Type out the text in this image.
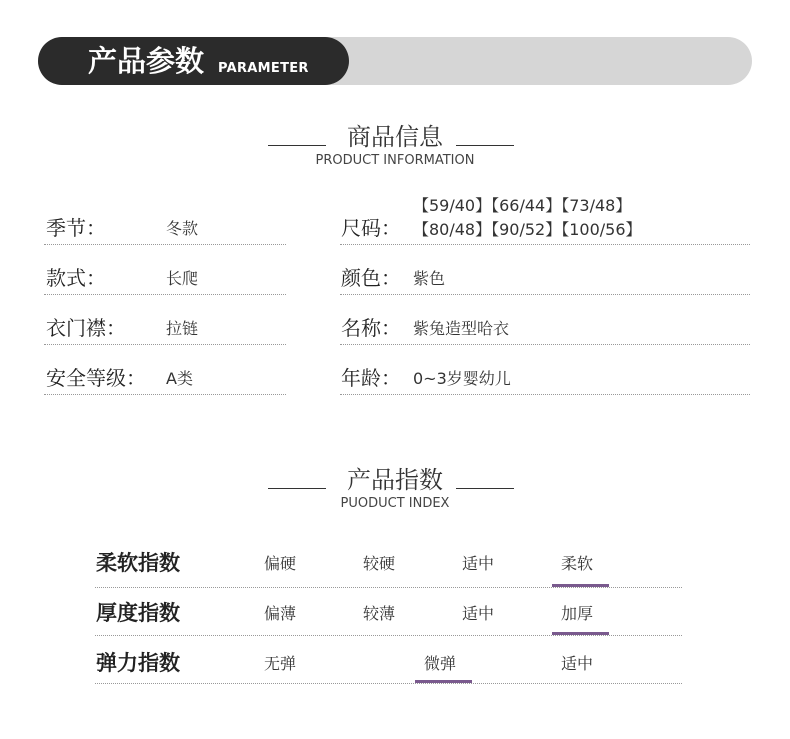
产品参数 PARAMETER
商品信息
PRODUCT INFORMATION
季节：	冬款
款式：	长爬
衣门襟：	拉链
安全等级： A类
尺码：
【59/40】【66/44】【73/48】
【80/48】【90/52】【100/56】
颜色： 紫色
名称： 紫兔造型哈衣
年龄： 0~3岁婴幼儿
产品指数
PUODUCT INDEX
柔软指数	偏硬	较硬	适中	柔软
厚度指数	偏薄	较薄	适中	加厚
弹力指数	无弹	微弹	适中
